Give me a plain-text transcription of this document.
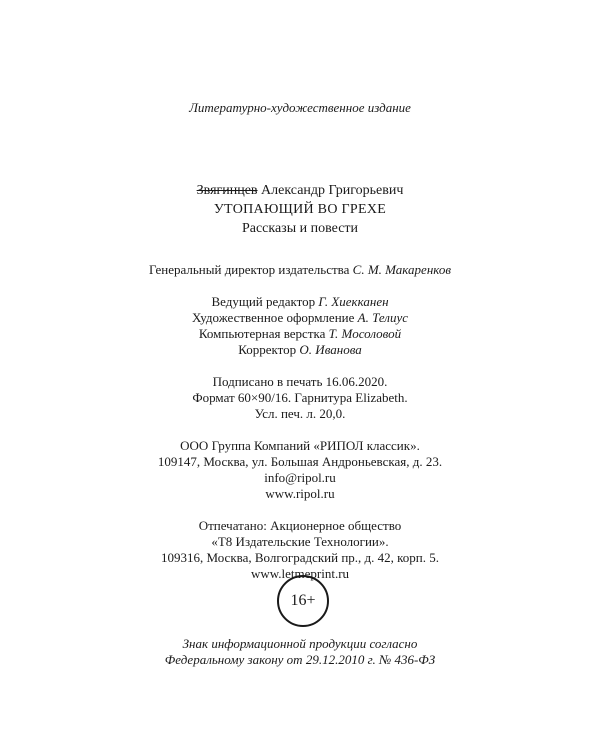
Литературно-художественное издание
Звягинцев Александр Григорьевич
УТОПАЮЩИЙ ВО ГРЕХЕ
Рассказы и повести
Генеральный директор издательства С. М. Макаренков
Ведущий редактор Г. Хиекканен
Художественное оформление А. Телиус
Компьютерная верстка Т. Мосоловой
Корректор О. Иванова
Подписано в печать 16.06.2020.
Формат 60×90/16. Гарнитура Elizabeth.
Усл. печ. л. 20,0.
ООО Группа Компаний «РИПОЛ классик».
109147, Москва, ул. Большая Андроньевская, д. 23.
info@ripol.ru
www.ripol.ru
Отпечатано: Акционерное общество
«Т8 Издательские Технологии».
109316, Москва, Волгоградский пр., д. 42, корп. 5.
www.letmeprint.ru
16+
Знак информационной продукции согласно
Федеральному закону от 29.12.2010 г. № 436-ФЗ
